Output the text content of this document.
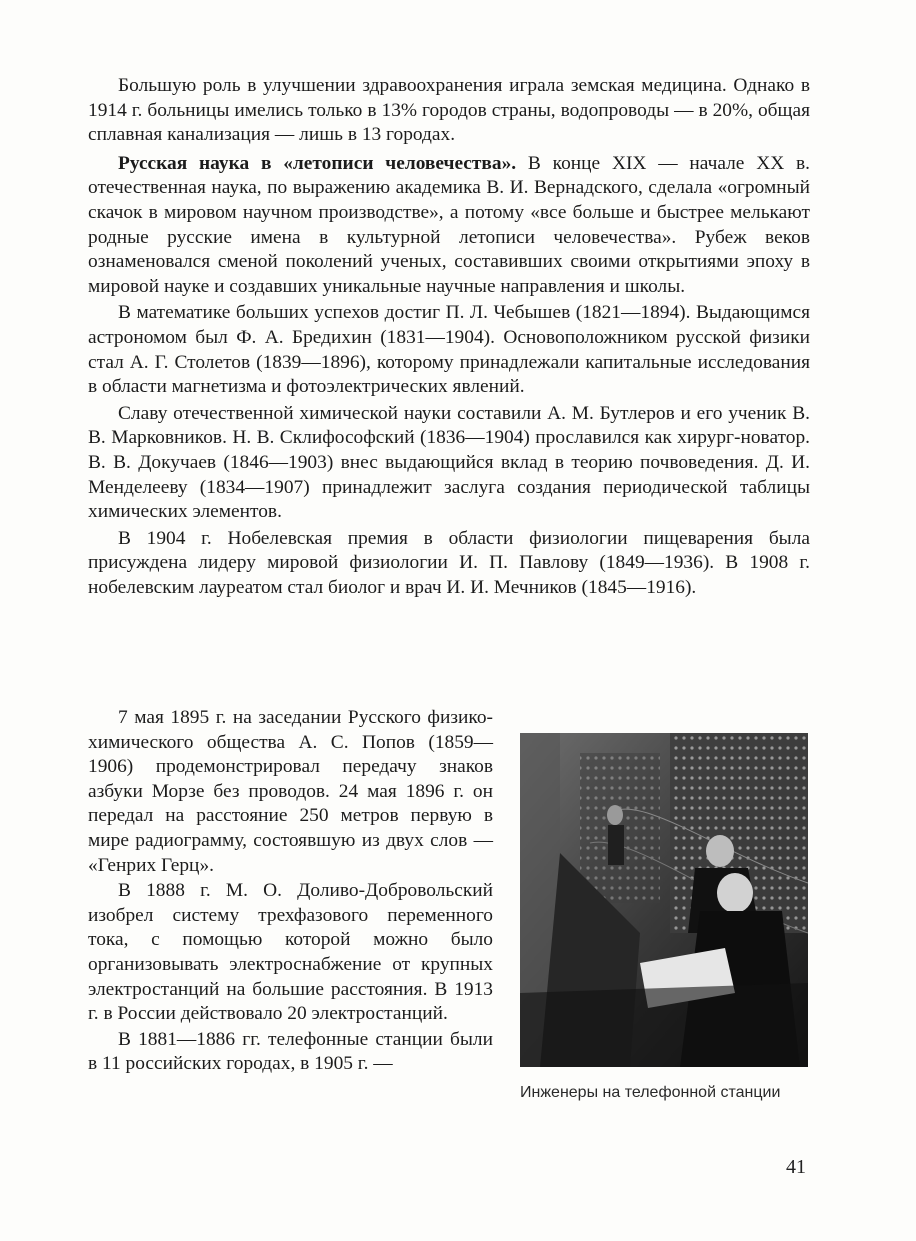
Большую роль в улучшении здравоохранения играла земская медицина. Однако в 1914 г. больницы имелись только в 13% городов страны, водопроводы — в 20%, общая сплавная канализация — лишь в 13 городах.

Русская наука в «летописи человечества». В конце XIX — начале XX в. отечественная наука, по выражению академика В. И. Вернадского, сделала «огромный скачок в мировом научном производстве», а потому «все больше и быстрее мелькают родные русские имена в культурной летописи человечества». Рубеж веков ознаменовался сменой поколений ученых, составивших своими открытиями эпоху в мировой науке и создавших уникальные научные направления и школы.

В математике больших успехов достиг П. Л. Чебышев (1821—1894). Выдающимся астрономом был Ф. А. Бредихин (1831—1904). Основоположником русской физики стал А. Г. Столетов (1839—1896), которому принадлежали капитальные исследования в области магнетизма и фотоэлектрических явлений.

Славу отечественной химической науки составили А. М. Бутлеров и его ученик В. В. Марковников. Н. В. Склифософский (1836—1904) прославился как хирург-новатор. В. В. Докучаев (1846—1903) внес выдающийся вклад в теорию почвоведения. Д. И. Менделееву (1834—1907) принадлежит заслуга создания периодической таблицы химических элементов.

В 1904 г. Нобелевская премия в области физиологии пищеварения была присуждена лидеру мировой физиологии И. П. Павлову (1849—1936). В 1908 г. нобелевским лауреатом стал биолог и врач И. И. Мечников (1845—1916).

7 мая 1895 г. на заседании Русского физико-химического общества А. С. Попов (1859—1906) продемонстрировал передачу знаков азбуки Морзе без проводов. 24 мая 1896 г. он передал на расстояние 250 метров первую в мире радиограмму, состоявшую из двух слов — «Генрих Герц».

В 1888 г. М. О. Доливо-Добровольский изобрел систему трехфазового переменного тока, с помощью которой можно было организовывать электроснабжение от крупных электростанций на большие расстояния. В 1913 г. в России действовало 20 электростанций.

В 1881—1886 гг. телефонные станции были в 11 российских городах, в 1905 г. —

Инженеры на телефонной станции
41
